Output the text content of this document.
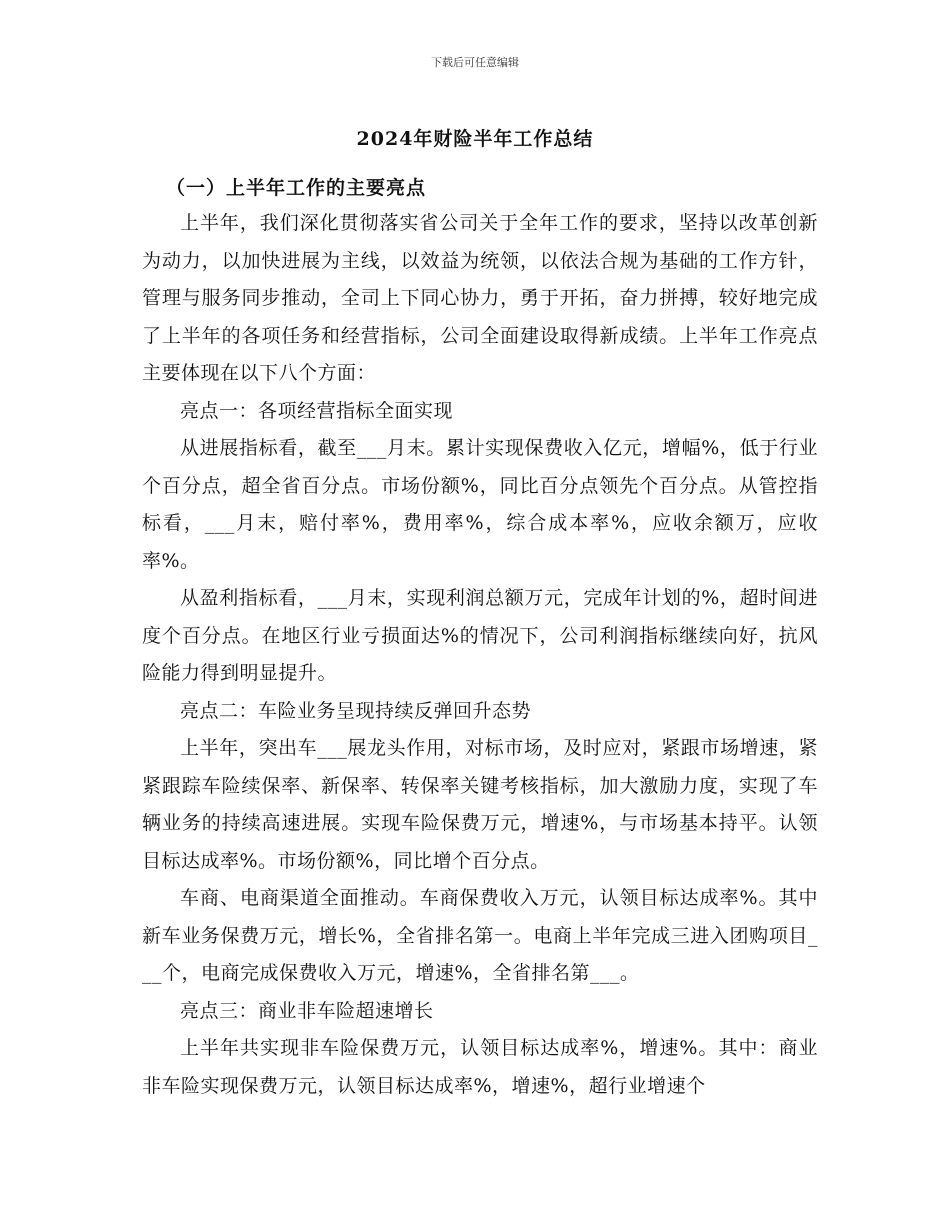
下载后可任意编辑
2024年财险半年工作总结
（一）上半年工作的主要亮点

上半年，我们深化贯彻落实省公司关于全年工作的要求，坚持以改革创新为动力，以加快进展为主线，以效益为统领，以依法合规为基础的工作方针，管理与服务同步推动，全司上下同心协力，勇于开拓，奋力拼搏，较好地完成了上半年的各项任务和经营指标，公司全面建设取得新成绩。上半年工作亮点主要体现在以下八个方面：

亮点一：各项经营指标全面实现

从进展指标看，截至___月末。累计实现保费收入亿元，增幅%，低于行业个百分点，超全省百分点。市场份额%，同比百分点领先个百分点。从管控指标看，___月末，赔付率%，费用率%，综合成本率%，应收余额万，应收率%。

从盈利指标看，___月末，实现利润总额万元，完成年计划的%，超时间进度个百分点。在地区行业亏损面达%的情况下，公司利润指标继续向好，抗风险能力得到明显提升。

亮点二：车险业务呈现持续反弹回升态势

上半年，突出车___展龙头作用，对标市场，及时应对，紧跟市场增速，紧紧跟踪车险续保率、新保率、转保率关键考核指标，加大激励力度，实现了车辆业务的持续高速进展。实现车险保费万元，增速%，与市场基本持平。认领目标达成率%。市场份额%，同比增个百分点。

车商、电商渠道全面推动。车商保费收入万元，认领目标达成率%。其中新车业务保费万元，增长%，全省排名第一。电商上半年完成三进入团购项目___个，电商完成保费收入万元，增速%，全省排名第___。

亮点三：商业非车险超速增长

上半年共实现非车险保费万元，认领目标达成率%，增速%。其中：商业非车险实现保费万元，认领目标达成率%，增速%，超行业增速个
